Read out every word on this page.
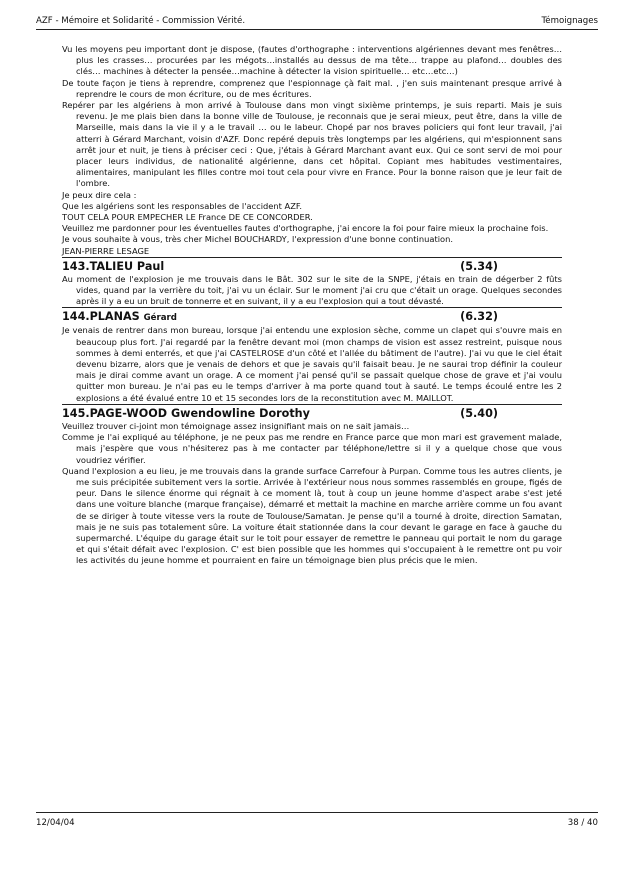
AZF - Mémoire et Solidarité - Commission Vérité.	Témoignages

Vu les moyens peu important dont je dispose, (fautes d'orthographe : interventions algériennes devant mes fenêtres… plus les crasses… procurées par les mégots…installés au dessus de ma tête… trappe au plafond… doubles des clés… machines à détecter la pensée…machine à détecter la vision spirituelle… etc…etc…)

De toute façon je tiens à reprendre, comprenez que l'espionnage çà fait mal. , j'en suis maintenant presque arrivé à reprendre le cours de mon écriture, ou de mes écritures.

Repérer par les algériens à mon arrivé à Toulouse dans mon vingt sixième printemps, je suis reparti. Mais je suis revenu. Je me plais bien dans la bonne ville de Toulouse, je reconnais que je serai mieux, peut être, dans la ville de Marseille, mais dans la vie il y a le travail … ou le labeur. Chopé par nos braves policiers qui font leur travail, j'ai atterri à Gérard Marchant, voisin d'AZF. Donc repéré depuis très longtemps par les algériens, qui m'espionnent sans arrêt jour et nuit, je tiens à préciser ceci : Que, j'étais à Gérard Marchant avant eux. Qui ce sont servi de moi pour placer leurs individus, de nationalité algérienne, dans cet hôpital. Copiant mes habitudes vestimentaires, alimentaires, manipulant les filles contre moi tout cela pour vivre en France. Pour la bonne raison que je leur fait de l'ombre.

Je peux dire cela :

Que les algériens sont les responsables de l'accident AZF.

TOUT CELA POUR EMPECHER LE France DE CE CONCORDER.

Veuillez me pardonner pour les éventuelles fautes d'orthographe, j'ai encore la foi pour faire mieux la prochaine fois.

Je vous souhaite à vous, très cher Michel BOUCHARDY, l'expression d'une bonne continuation.

JEAN-PIERRE LESAGE

143.TALIEU Paul	(5.34)

Au moment de l'explosion je me trouvais dans le Bât. 302 sur le site de la SNPE, j'étais en train de dégerber 2 fûts vides, quand par la verrière du toit, j'ai vu un éclair. Sur le moment j'ai cru que c'était un orage. Quelques secondes après il y a eu un bruit de tonnerre et en suivant, il y a eu l'explosion qui a tout dévasté.

144.PLANAS Gérard	(6.32)

Je venais de rentrer dans mon bureau, lorsque j'ai entendu une explosion sèche, comme un clapet qui s'ouvre mais en beaucoup plus fort. J'ai regardé par la fenêtre devant moi (mon champs de vision est assez restreint, puisque nous sommes à demi enterrés, et que j'ai CASTELROSE d'un côté et l'allée du bâtiment de l'autre). J'ai vu que le ciel était devenu bizarre, alors que je venais de dehors et que je savais qu'il faisait beau. Je ne saurai trop définir la couleur mais je dirai comme avant un orage. A ce moment j'ai pensé qu'il se passait quelque chose de grave et j'ai voulu quitter mon bureau. Je n'ai pas eu le temps d'arriver à ma porte quand tout à sauté. Le temps écoulé entre les 2 explosions a été évalué entre 10 et 15 secondes lors de la reconstitution avec M. MAILLOT.

145.PAGE-WOOD Gwendowline Dorothy	(5.40)

Veuillez trouver ci-joint mon témoignage assez insignifiant mais on ne sait jamais…

Comme je l'ai expliqué au téléphone, je ne peux pas me rendre en France parce que mon mari est gravement malade, mais j'espère que vous n'hésiterez pas à me contacter par téléphone/lettre si il y a quelque chose que vous voudriez vérifier.

Quand l'explosion a eu lieu, je me trouvais dans la grande surface Carrefour à Purpan. Comme tous les autres clients, je me suis précipitée subitement vers la sortie. Arrivée à l'extérieur nous nous sommes rassemblés en groupe, figés de peur. Dans le silence énorme qui régnait à ce moment là, tout à coup un jeune homme d'aspect arabe s'est jeté dans une voiture blanche (marque française), démarré et mettait la machine en marche arrière comme un fou avant de se diriger à toute vitesse vers la route de Toulouse/Samatan. Je pense qu'il a tourné à droite, direction Samatan, mais je ne suis pas totalement sûre. La voiture était stationnée dans la cour devant le garage en face à gauche du supermarché. L'équipe du garage était sur le toit pour essayer de remettre le panneau qui portait le nom du garage et qui s'était défait avec l'explosion. C' est bien possible que les hommes qui s'occupaient à le remettre ont pu voir les activités du jeune homme et pourraient en faire un témoignage bien plus précis que le mien.

12/04/04	38 / 40
